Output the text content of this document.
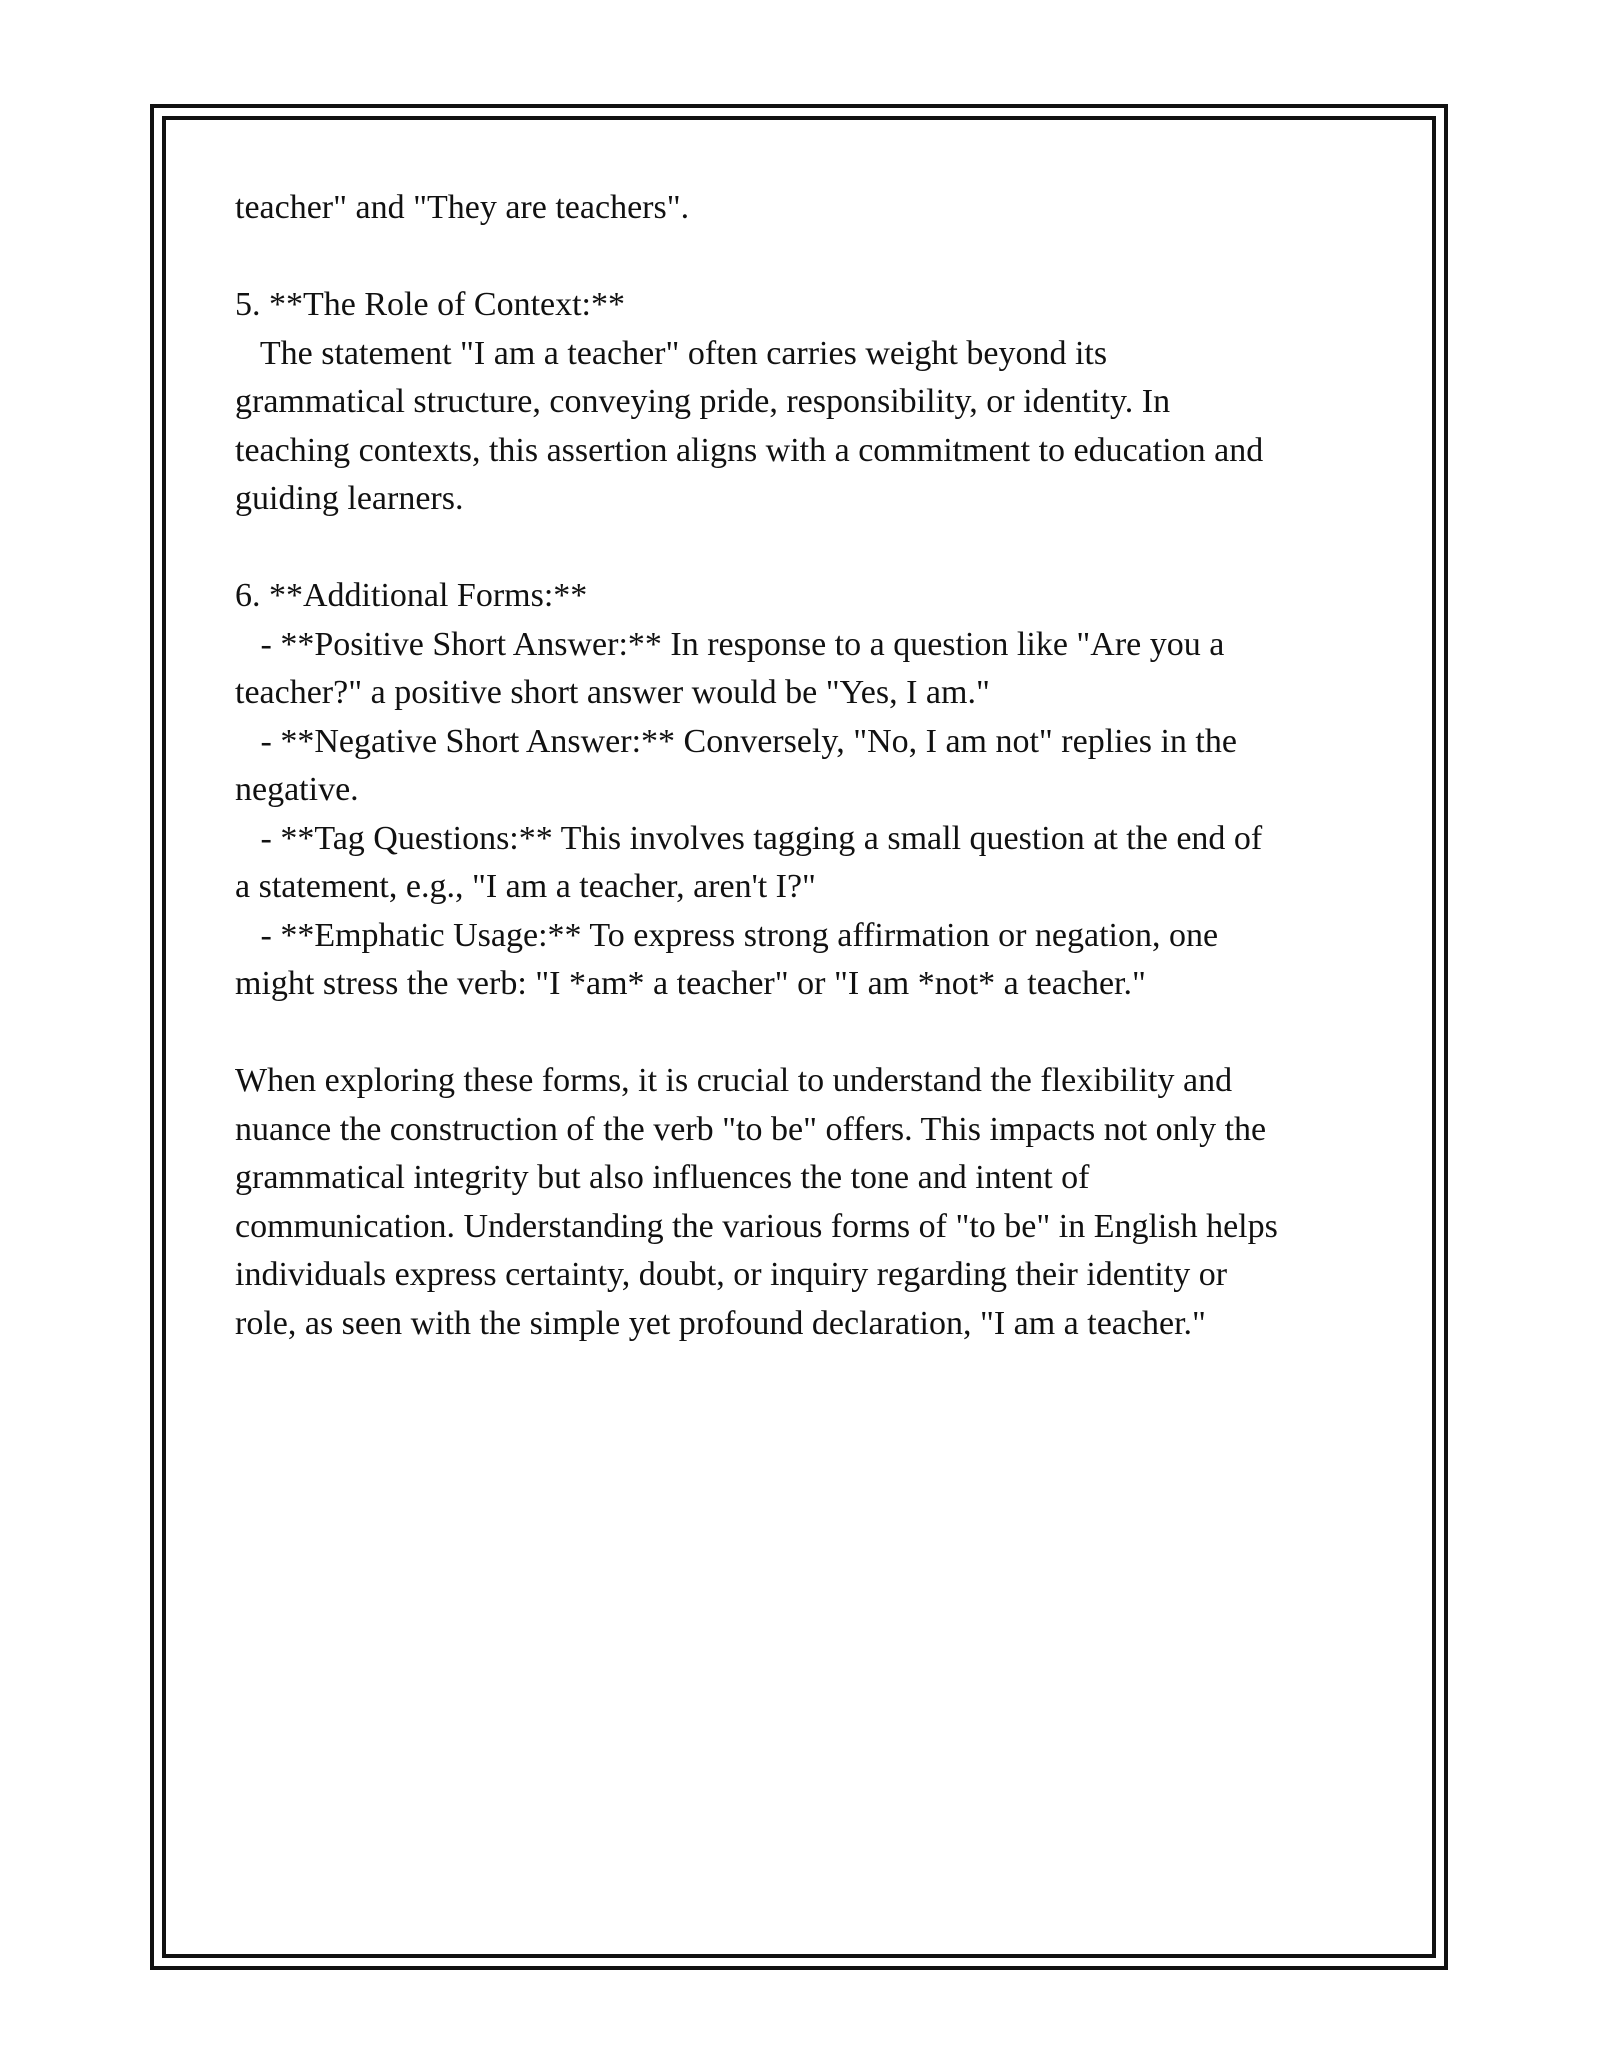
teacher" and "They are teachers".
5. **The Role of Context:**
The statement "I am a teacher" often carries weight beyond its
grammatical structure, conveying pride, responsibility, or identity. In
teaching contexts, this assertion aligns with a commitment to education and
guiding learners.
6. **Additional Forms:**
- **Positive Short Answer:** In response to a question like "Are you a
teacher?" a positive short answer would be "Yes, I am."
- **Negative Short Answer:** Conversely, "No, I am not" replies in the
negative.
- **Tag Questions:** This involves tagging a small question at the end of
a statement, e.g., "I am a teacher, aren't I?"
- **Emphatic Usage:** To express strong affirmation or negation, one
might stress the verb: "I *am* a teacher" or "I am *not* a teacher."
When exploring these forms, it is crucial to understand the flexibility and
nuance the construction of the verb "to be" offers. This impacts not only the
grammatical integrity but also influences the tone and intent of
communication. Understanding the various forms of "to be" in English helps
individuals express certainty, doubt, or inquiry regarding their identity or
role, as seen with the simple yet profound declaration, "I am a teacher."
